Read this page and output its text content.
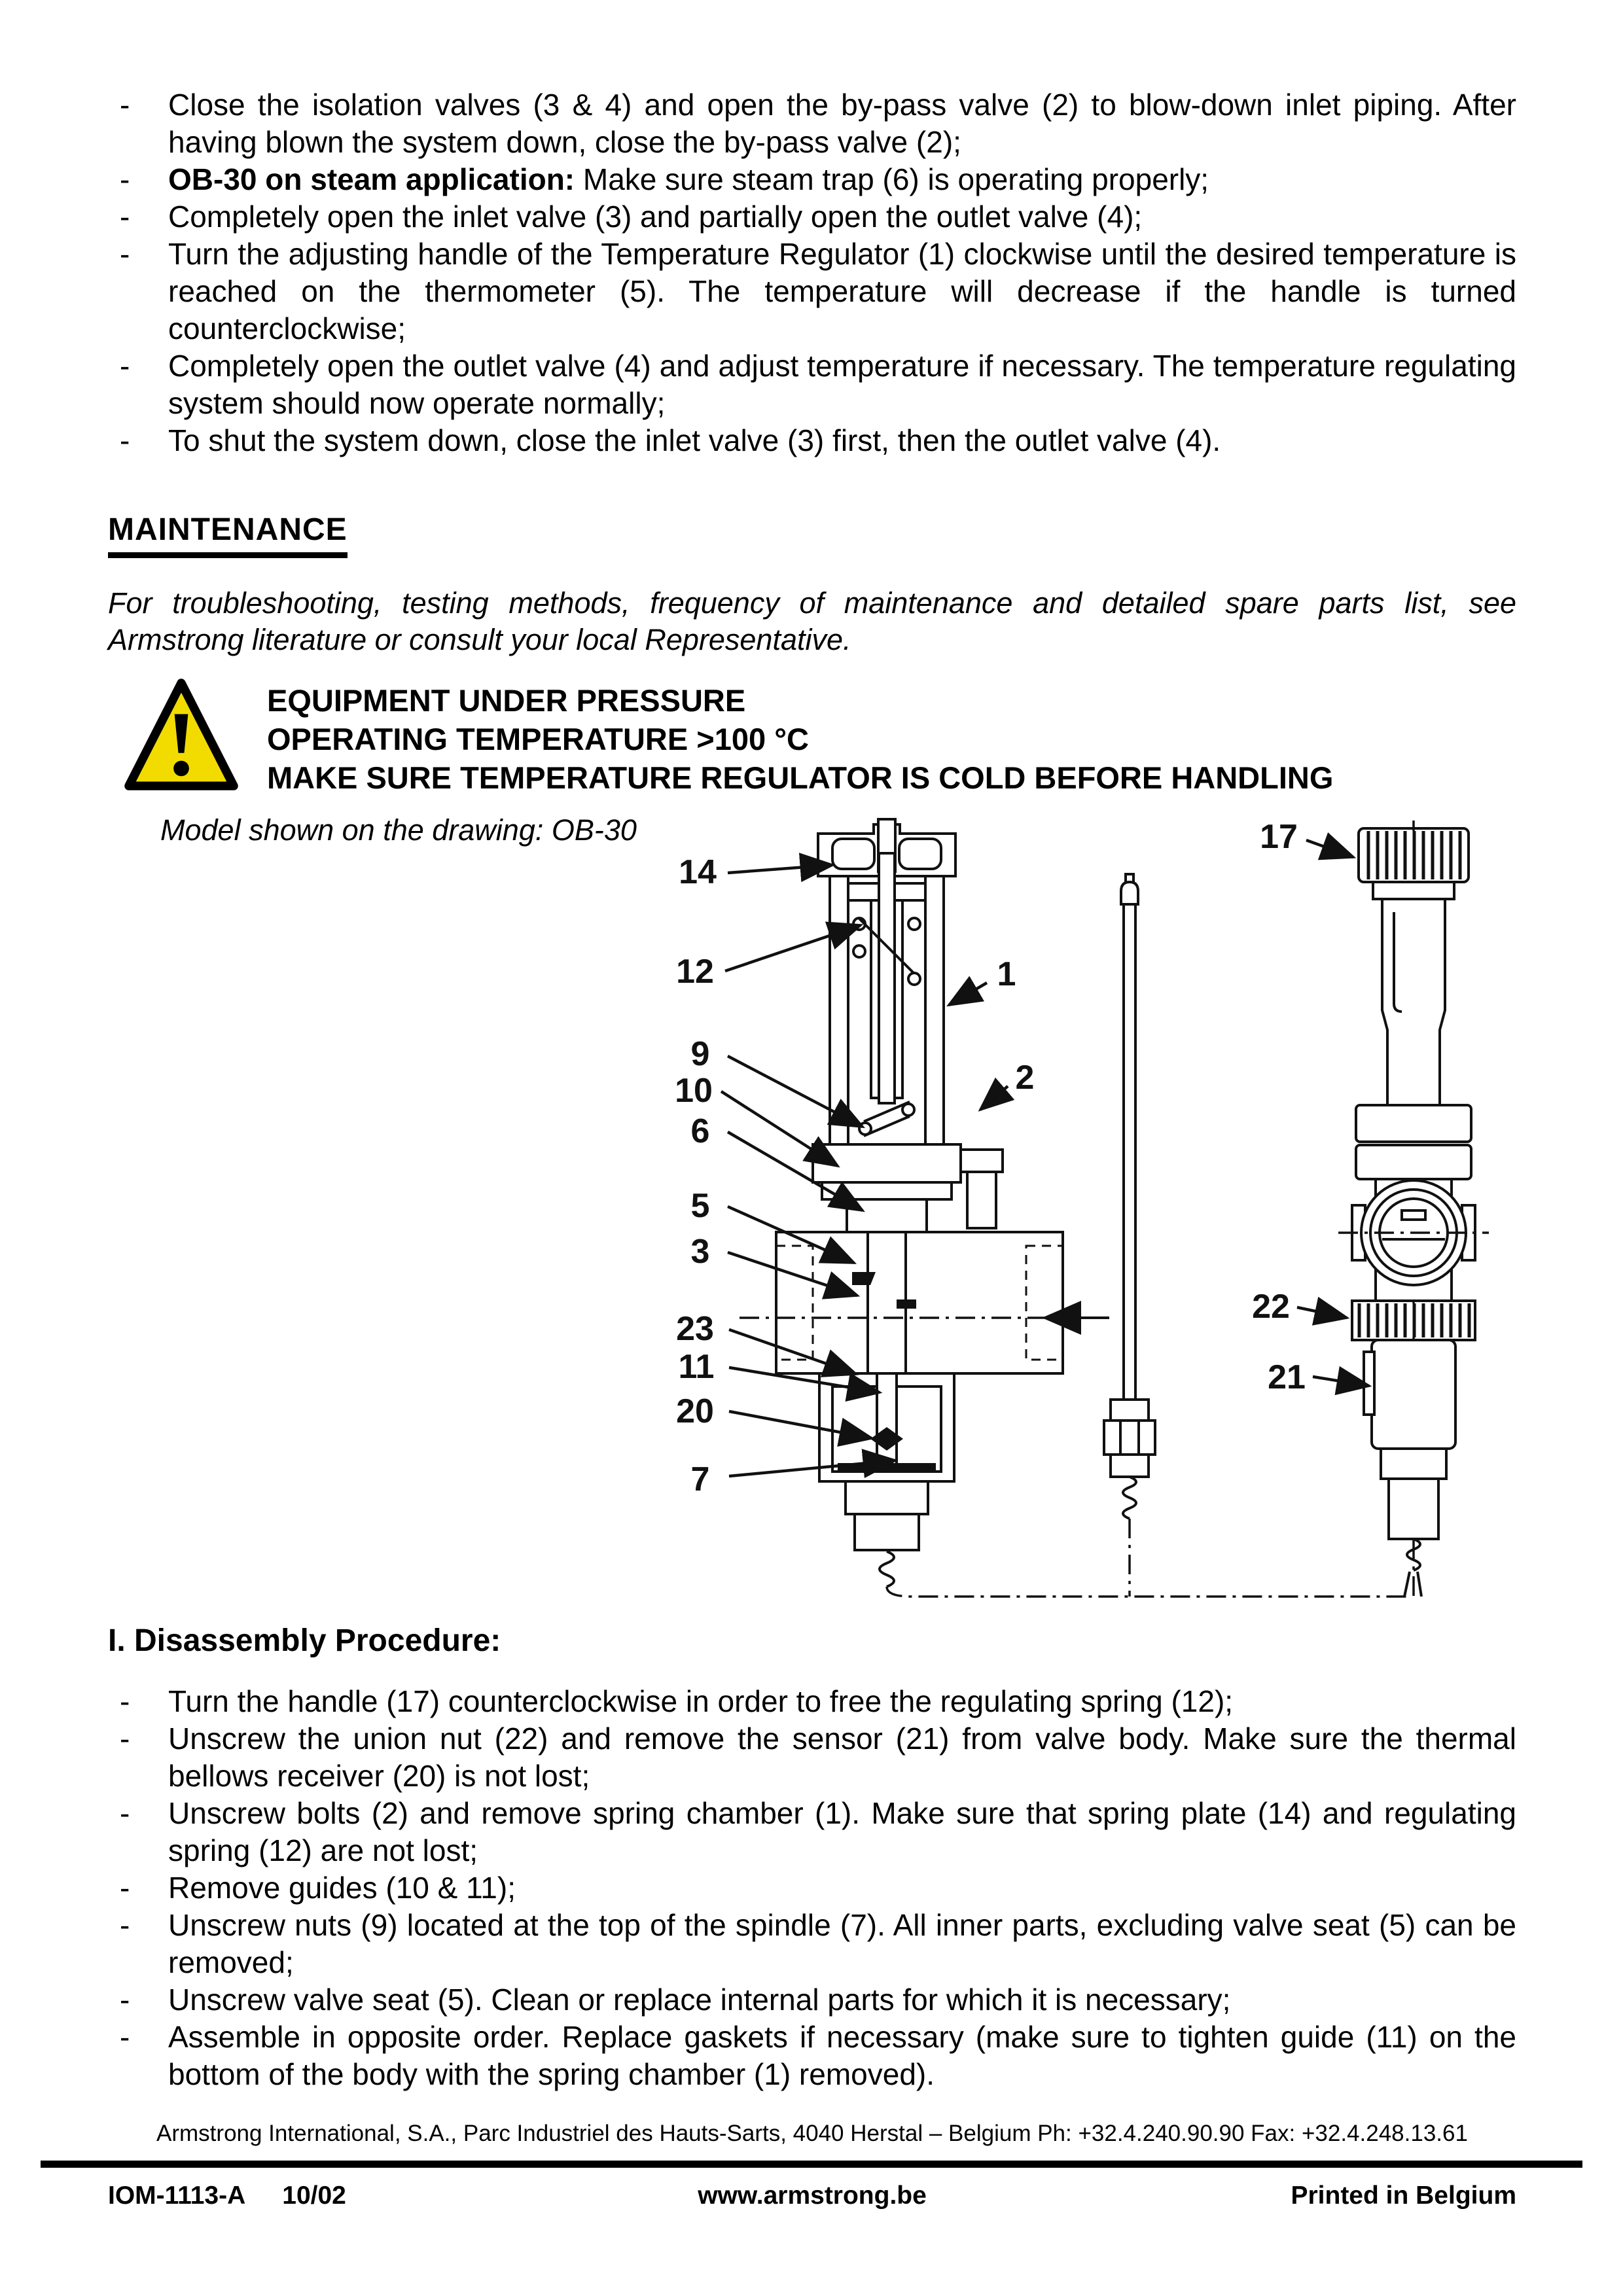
- Close the isolation valves (3 & 4) and open the by-pass valve (2) to blow-down inlet piping. After having blown the system down, close the by-pass valve (2);
- OB-30 on steam application: Make sure steam trap (6) is operating properly;
- Completely open the inlet valve (3) and partially open the outlet valve (4);
- Turn the adjusting handle of the Temperature Regulator (1) clockwise until the desired temperature is reached on the thermometer (5). The temperature will decrease if the handle is turned counterclockwise;
- Completely open the outlet valve (4) and adjust temperature if necessary. The temperature regulating system should now operate normally;
- To shut the system down, close the inlet valve (3) first, then the outlet valve (4).
MAINTENANCE
For troubleshooting, testing methods, frequency of maintenance and detailed spare parts list, see Armstrong literature or consult your local Representative.
EQUIPMENT UNDER PRESSURE
OPERATING TEMPERATURE >100 °C
MAKE SURE TEMPERATURE REGULATOR IS COLD BEFORE HANDLING
Model shown on the drawing: OB-30
14
12	1
9
2
10
6
5
3
23
11
20
7
17
22
21
I. Disassembly Procedure:
- Turn the handle (17) counterclockwise in order to free the regulating spring (12);
- Unscrew the union nut (22) and remove the sensor (21) from valve body. Make sure the thermal bellows receiver (20) is not lost;
- Unscrew bolts (2) and remove spring chamber (1). Make sure that spring plate (14) and regulating spring (12) are not lost;
- Remove guides (10 & 11);
- Unscrew nuts (9) located at the top of the spindle (7). All inner parts, excluding valve seat (5) can be removed;
- Unscrew valve seat (5). Clean or replace internal parts for which it is necessary;
- Assemble in opposite order. Replace gaskets if necessary (make sure to tighten guide (11) on the bottom of the body with the spring chamber (1) removed).
Armstrong International, S.A., Parc Industriel des Hauts-Sarts, 4040 Herstal – Belgium Ph: +32.4.240.90.90 Fax: +32.4.248.13.61
IOM-1113-A 10/02	www.armstrong.be	Printed in Belgium
